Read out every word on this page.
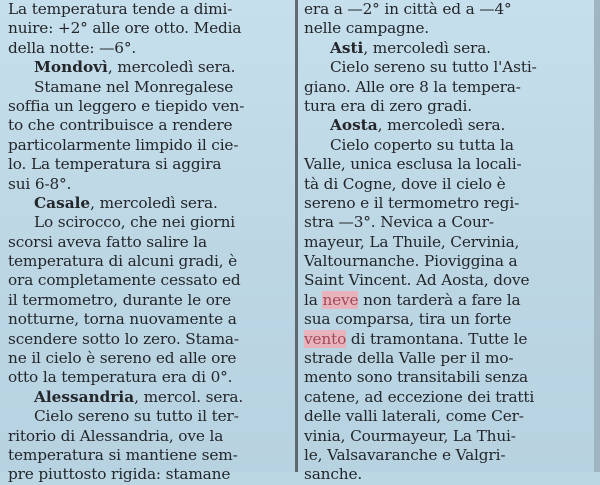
La temperatura tende a dimi-
nuire: +2° alle ore otto. Media
della notte: —6°.
Mondovì, mercoledì sera.
Stamane nel Monregalese
soffia un leggero e tiepido ven-
to che contribuisce a rendere
particolarmente limpido il cie-
lo. La temperatura si aggira
sui 6-8°.
Casale, mercoledì sera.
Lo scirocco, che nei giorni
scorsi aveva fatto salire la
temperatura di alcuni gradi, è
ora completamente cessato ed
il termometro, durante le ore
notturne, torna nuovamente a
scendere sotto lo zero. Stama-
ne il cielo è sereno ed alle ore
otto la temperatura era di 0°.
Alessandria, mercol. sera.
Cielo sereno su tutto il ter-
ritorio di Alessandria, ove la
temperatura si mantiene sem-
pre piuttosto rigida: stamane
era a —2° in città ed a —4°
nelle campagne.
Asti, mercoledì sera.
Cielo sereno su tutto l'Asti-
giano. Alle ore 8 la tempera-
tura era di zero gradi.
Aosta, mercoledì sera.
Cielo coperto su tutta la
Valle, unica esclusa la locali-
tà di Cogne, dove il cielo è
sereno e il termometro regi-
stra —3°. Nevica a Cour-
mayeur, La Thuile, Cervinia,
Valtournanche. Pioviggina a
Saint Vincent. Ad Aosta, dove
la neve non tarderà a fare la
sua comparsa, tira un forte
vento di tramontana. Tutte le
strade della Valle per il mo-
mento sono transitabili senza
catene, ad eccezione dei tratti
delle valli laterali, come Cer-
vinia, Courmayeur, La Thui-
le, Valsavaranche e Valgri-
sanche.
